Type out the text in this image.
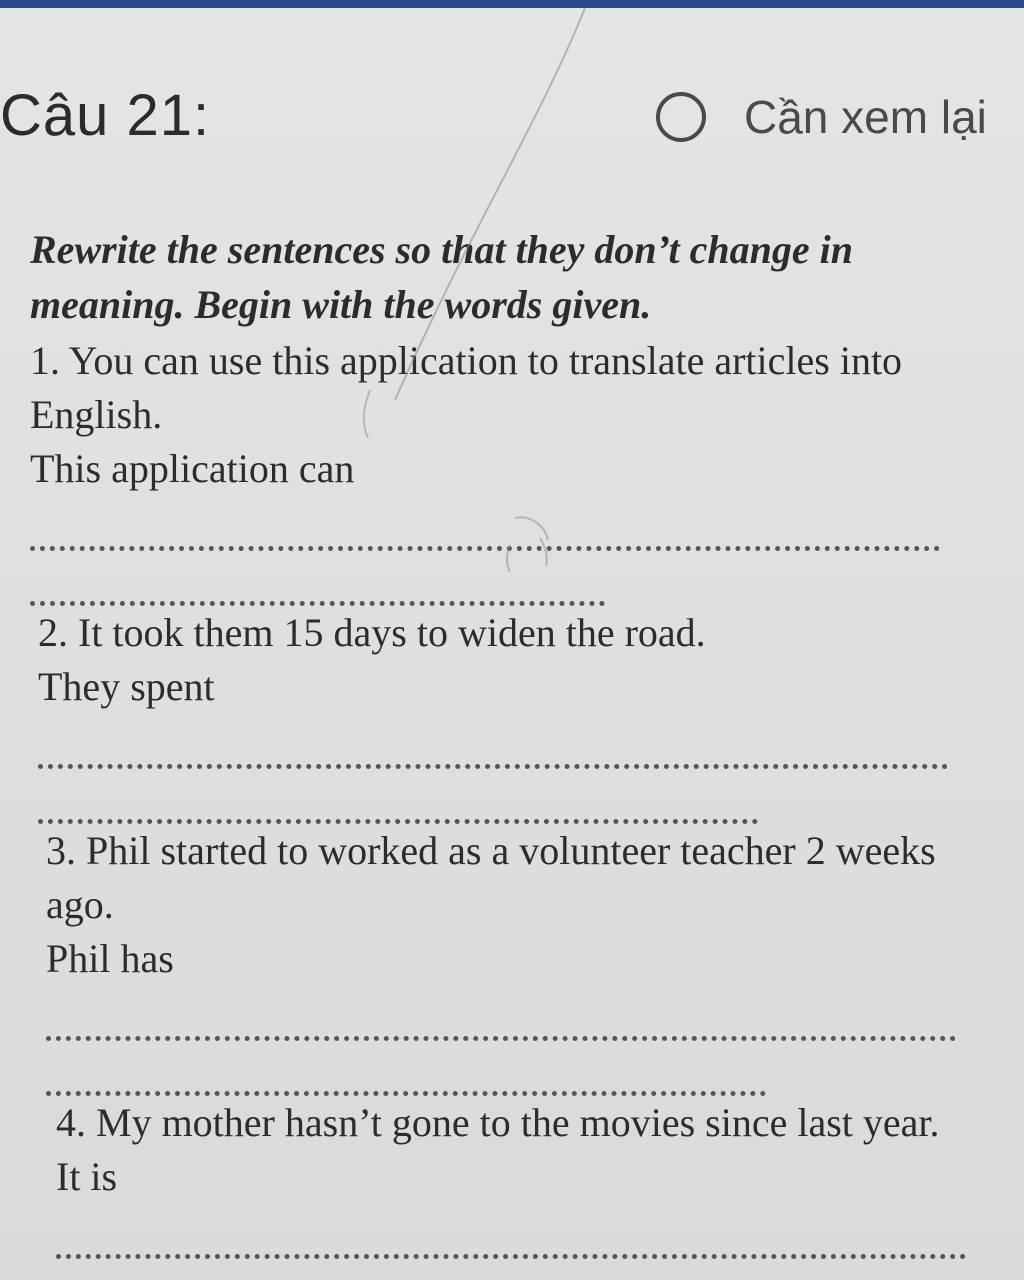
Câu 21:	Cần xem lại

Rewrite the sentences so that they don’t change in meaning. Begin with the words given.

1. You can use this application to translate articles into English.

This application can

2. It took them 15 days to widen the road.

They spent

3. Phil started to worked as a volunteer teacher 2 weeks ago.

Phil has

4. My mother hasn’t gone to the movies since last year.

It is
